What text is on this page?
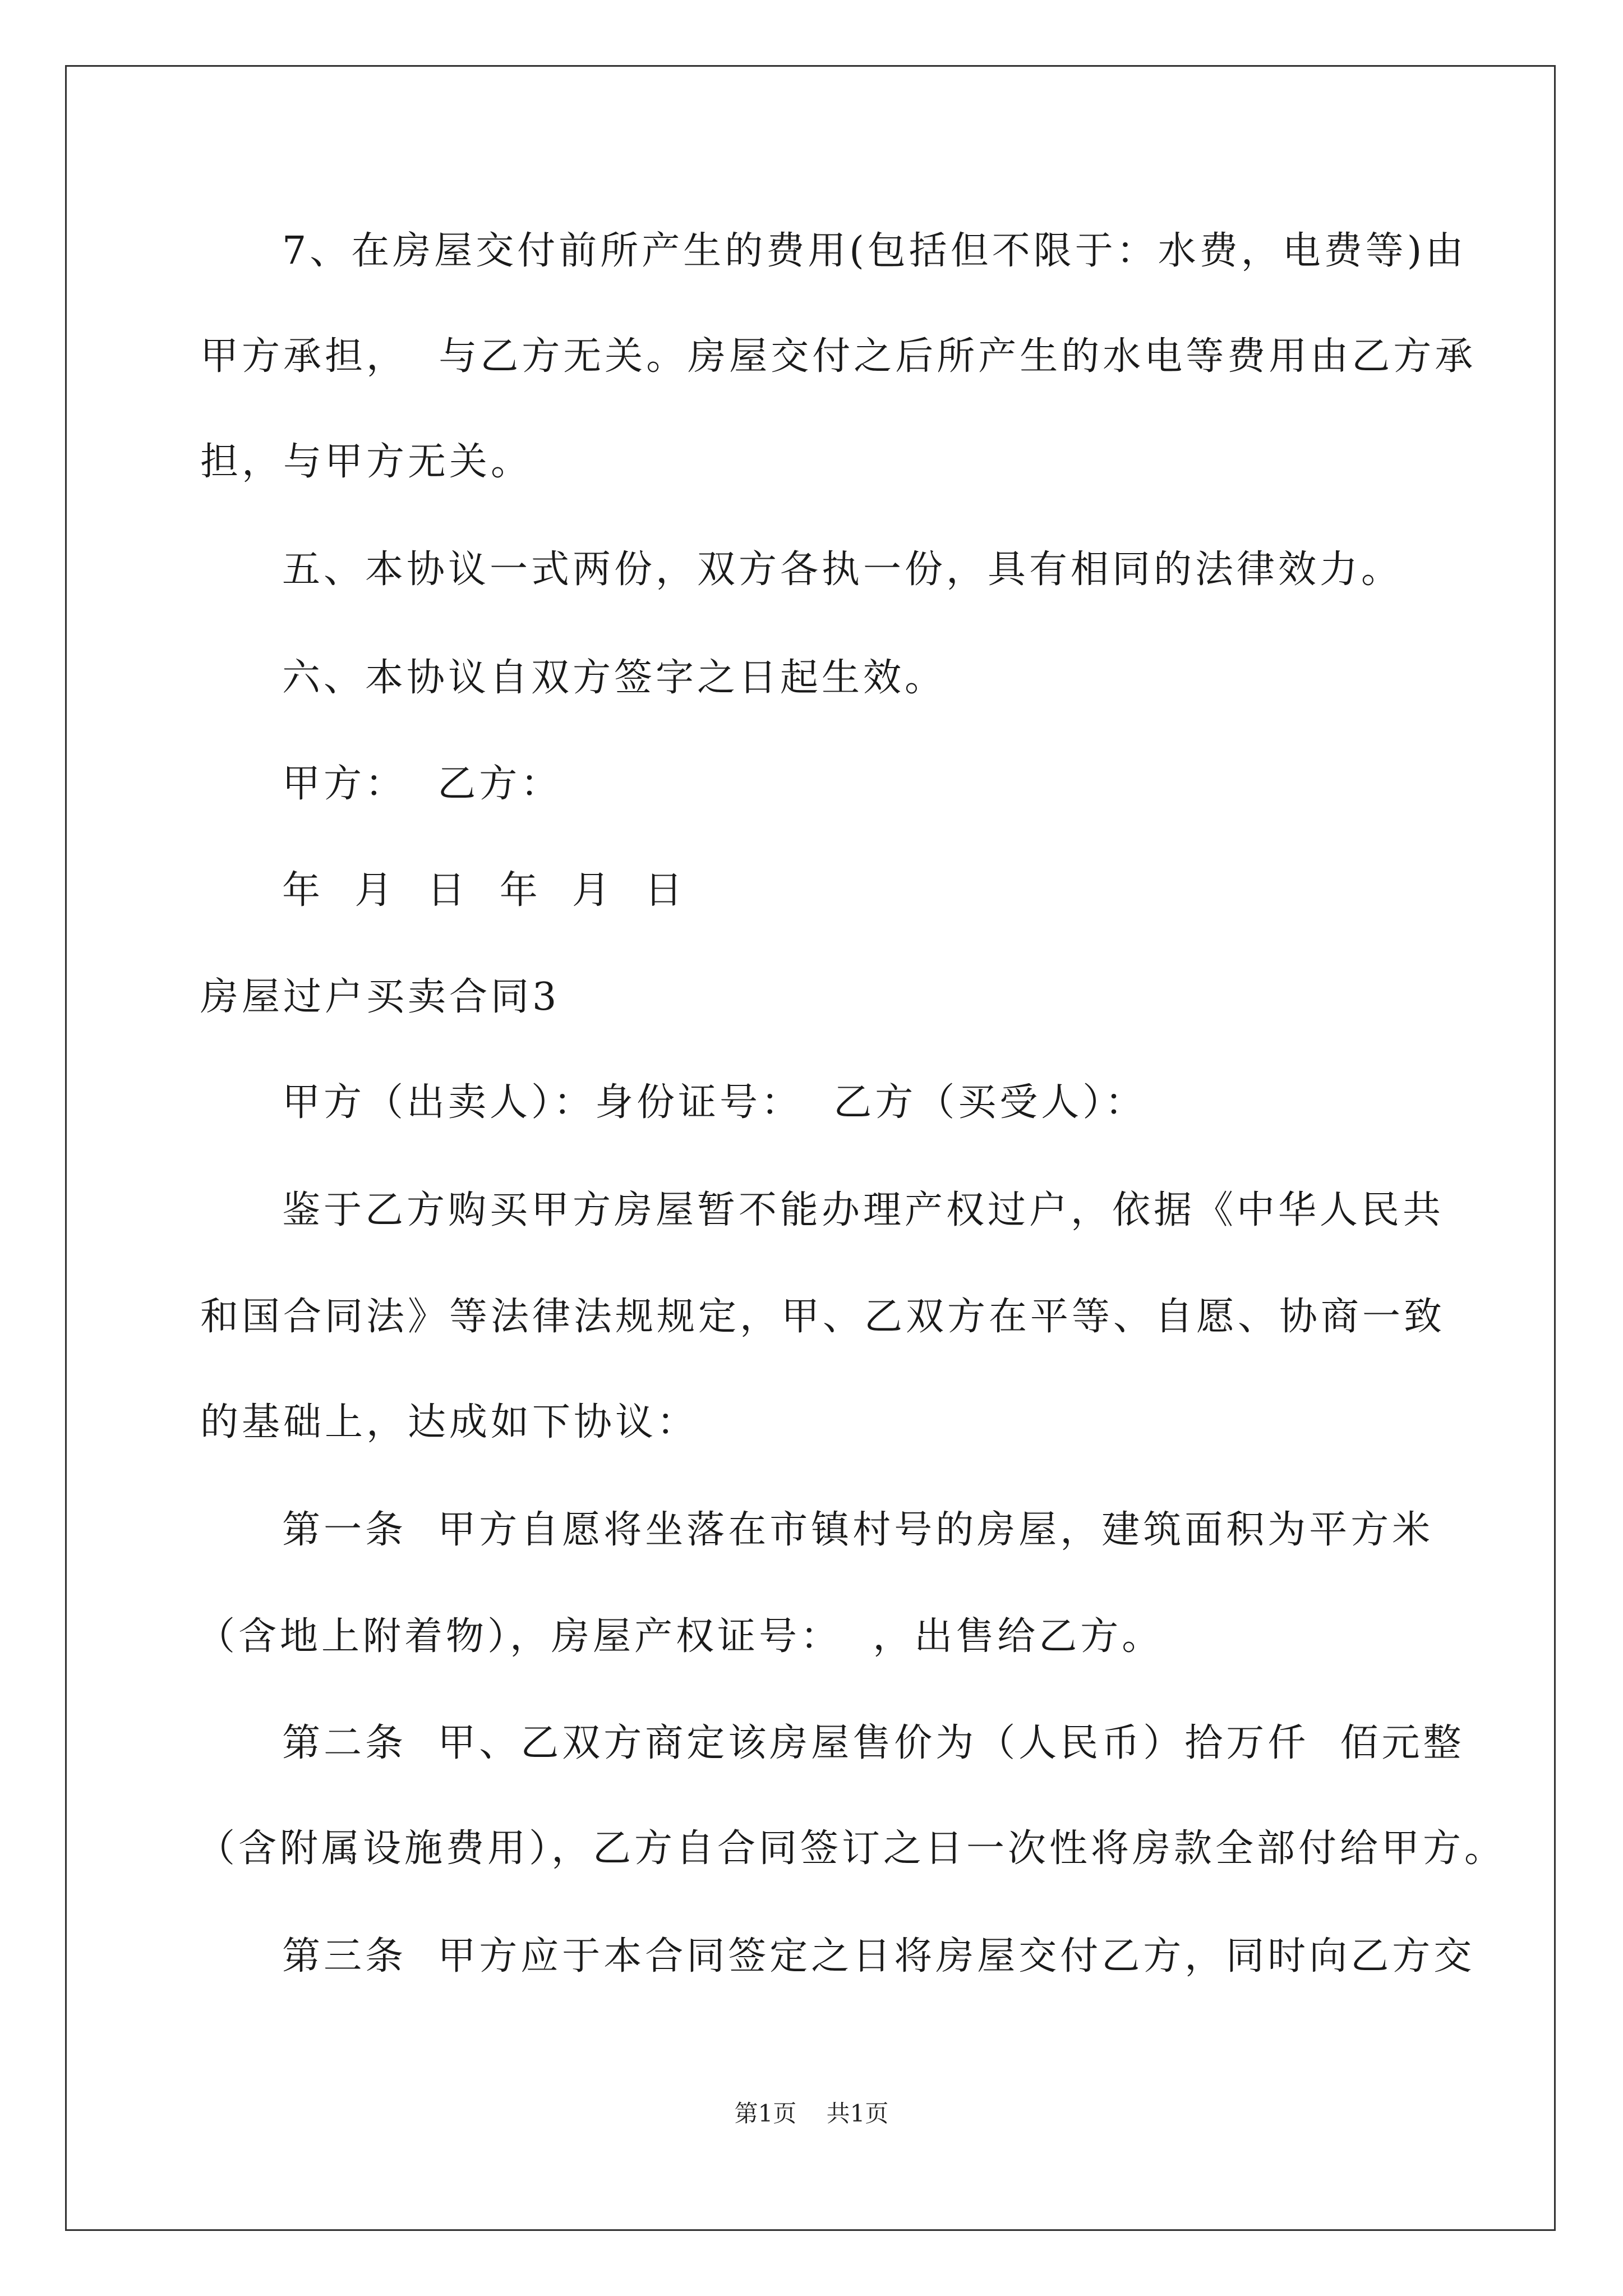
7、在房屋交付前所产生的费用(包括但不限于：水费，电费等)由
甲方承担，  与乙方无关。房屋交付之后所产生的水电等费用由乙方承
担，与甲方无关。
五、本协议一式两份，双方各执一份，具有相同的法律效力。
六、本协议自双方签字之日起生效。
甲方：  乙方：
年  月  日  年  月  日
房屋过户买卖合同3
甲方（出卖人）：身份证号：  乙方（买受人）：
鉴于乙方购买甲方房屋暂不能办理产权过户，依据《中华人民共
和国合同法》等法律法规规定，甲、乙双方在平等、自愿、协商一致
的基础上，达成如下协议：
第一条  甲方自愿将坐落在市镇村号的房屋，建筑面积为平方米
（含地上附着物），房屋产权证号：  ，出售给乙方。
第二条  甲、乙双方商定该房屋售价为（人民币）拾万仟  佰元整
（含附属设施费用），乙方自合同签订之日一次性将房款全部付给甲方。
第三条  甲方应于本合同签定之日将房屋交付乙方，同时向乙方交
第1页    共1页
